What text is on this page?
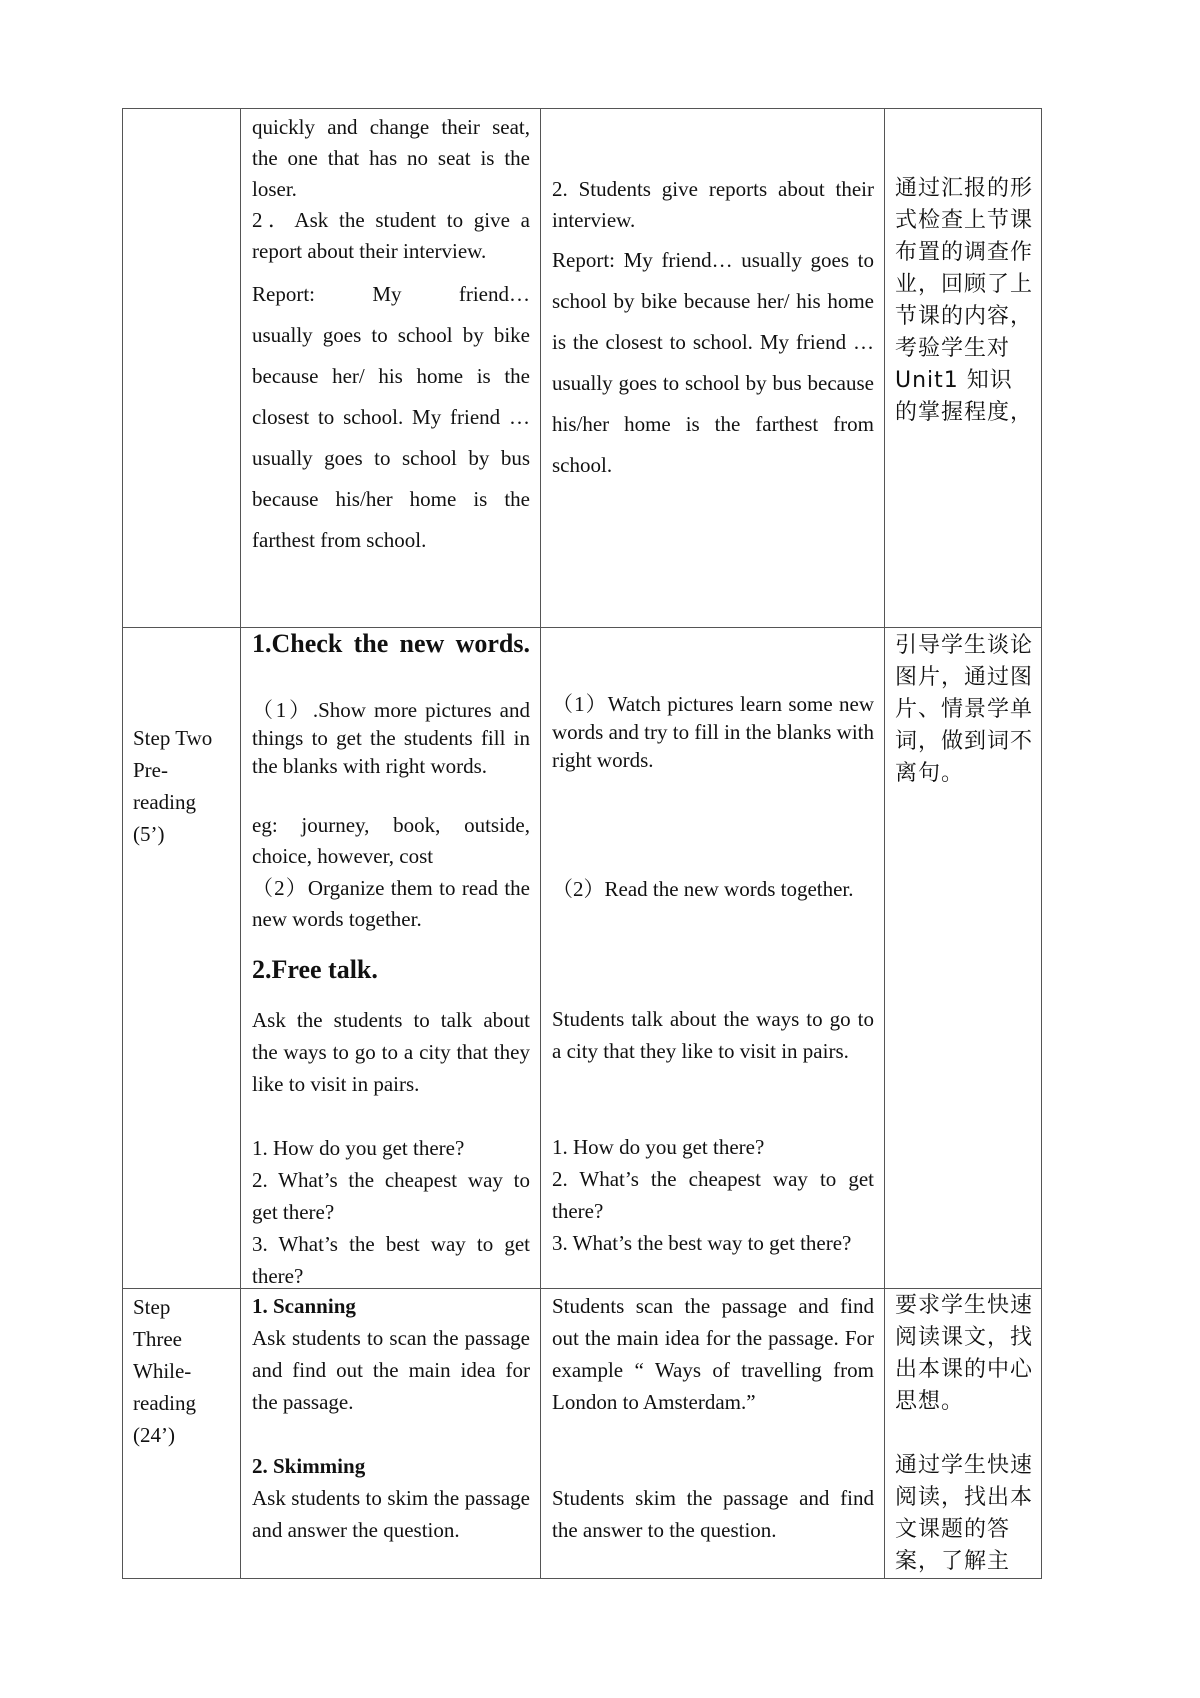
quickly and change their seat, the one that has no seat is the loser.
2．Ask the student to give a report about their interview.
Report:	My	friend…
usually goes to school by bike because her/ his home is the closest to school. My friend … usually goes to school by bus because his/her home is the farthest from school.
2. Students give reports about their interview.
Report: My friend… usually goes to school by bike because her/ his home is the closest to school. My friend … usually goes to school by bus because his/her home is the farthest from school.
通过汇报的形式检查上节课布置的调查作业，回顾了上节课的内容，考验学生对 Unit1 知识的掌握程度，
Step Two
Pre-
reading
(5’)
1.Check the new words.
（1）.Show more pictures and things to get the students fill in the blanks with right words.
eg: journey, book, outside, choice, however, cost
（2）Organize them to read the new words together.
2.Free talk.
Ask the students to talk about the ways to go to a city that they like to visit in pairs.
1. How do you get there?
2. What’s the cheapest way to get there?
3. What’s the best way to get there?
（1）Watch pictures learn some new words and try to fill in the blanks with right words.
（2）Read the new words together.
Students talk about the ways to go to a city that they like to visit in pairs.
1. How do you get there?
2. What’s the cheapest way to get there?
3. What’s the best way to get there?
引导学生谈论图片，通过图片、情景学单词，做到词不离句。
Step
Three
While-
reading
(24’)
1. Scanning
Ask students to scan the passage and find out the main idea for the passage.
2. Skimming
Ask students to skim the passage and answer the question.
Students scan the passage and find out the main idea for the passage. For example “ Ways of travelling from London to Amsterdam.”
Students skim the passage and find the answer to the question.
要求学生快速阅读课文，找出本课的中心思想。
通过学生快速阅读，找出本文课题的答案，了解主
